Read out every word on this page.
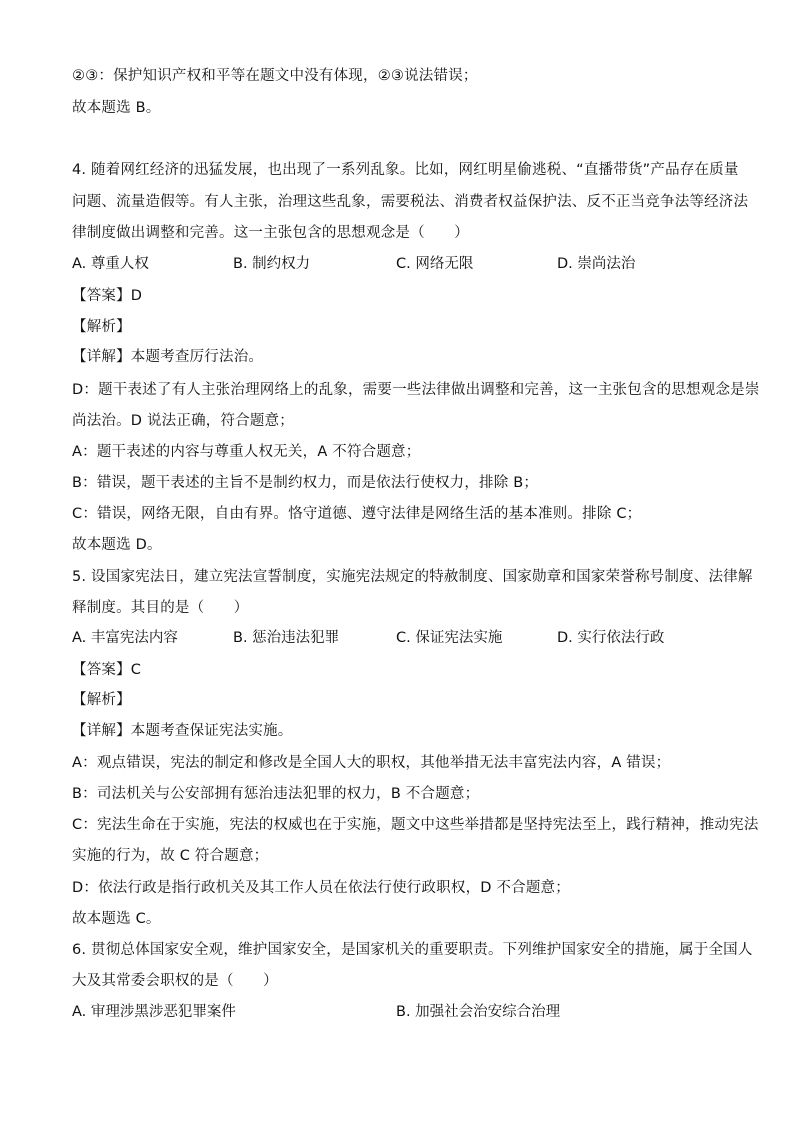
②③：保护知识产权和平等在题文中没有体现，②③说法错误；
故本题选 B。
4. 随着网红经济的迅猛发展，也出现了一系列乱象。比如，网红明星偷逃税、“直播带货”产品存在质量
问题、流量造假等。有人主张，治理这些乱象，需要税法、消费者权益保护法、反不正当竞争法等经济法
律制度做出调整和完善。这一主张包含的思想观念是（　　）
A. 尊重人权	B. 制约权力	C. 网络无限	D. 崇尚法治
【答案】D
【解析】
【详解】本题考查厉行法治。
D：题干表述了有人主张治理网络上的乱象，需要一些法律做出调整和完善，这一主张包含的思想观念是崇
尚法治。D 说法正确，符合题意；
A：题干表述的内容与尊重人权无关，A 不符合题意；
B：错误，题干表述的主旨不是制约权力，而是依法行使权力，排除 B；
C：错误，网络无限，自由有界。恪守道德、遵守法律是网络生活的基本准则。排除 C；
故本题选 D。
5. 设国家宪法日，建立宪法宣誓制度，实施宪法规定的特赦制度、国家勋章和国家荣誉称号制度、法律解
释制度。其目的是（　　）
A. 丰富宪法内容	B. 惩治违法犯罪	C. 保证宪法实施	D. 实行依法行政
【答案】C
【解析】
【详解】本题考查保证宪法实施。
A：观点错误，宪法的制定和修改是全国人大的职权，其他举措无法丰富宪法内容，A 错误；
B：司法机关与公安部拥有惩治违法犯罪的权力，B 不合题意；
C：宪法生命在于实施，宪法的权威也在于实施，题文中这些举措都是坚持宪法至上，践行精神，推动宪法
实施的行为，故 C 符合题意；
D：依法行政是指行政机关及其工作人员在依法行使行政职权，D 不合题意；
故本题选 C。
6. 贯彻总体国家安全观，维护国家安全，是国家机关的重要职责。下列维护国家安全的措施，属于全国人
大及其常委会职权的是（　　）
A. 审理涉黑涉恶犯罪案件	B. 加强社会治安综合治理
